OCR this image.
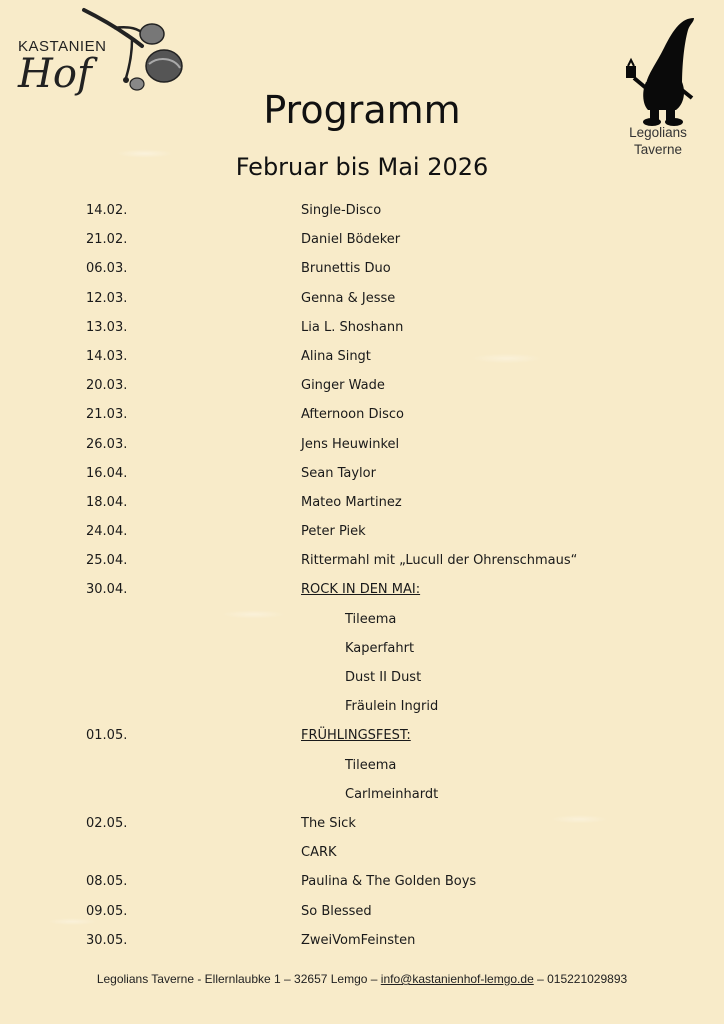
KASTANIEN
Hof
Legolians
Taverne
Programm
Februar bis Mai 2026
14.02.	Single-Disco
21.02.	Daniel Bödeker
06.03.	Brunettis Duo
12.03.	Genna & Jesse
13.03.	Lia L. Shoshann
14.03.	Alina Singt
20.03.	Ginger Wade
21.03.	Afternoon Disco
26.03.	Jens Heuwinkel
16.04.	Sean Taylor
18.04.	Mateo Martinez
24.04.	Peter Piek
25.04.	Rittermahl mit „Lucull der Ohrenschmaus“
30.04.	ROCK IN DEN MAI:
Tileema
Kaperfahrt
Dust II Dust
Fräulein Ingrid
01.05.	FRÜHLINGSFEST:
Tileema
Carlmeinhardt
02.05.	The Sick
CARK
08.05.	Paulina & The Golden Boys
09.05.	So Blessed
30.05.	ZweiVomFeinsten
Legolians Taverne - Ellernlaubke 1 – 32657 Lemgo – info@kastanienhof-lemgo.de – 015221029893
